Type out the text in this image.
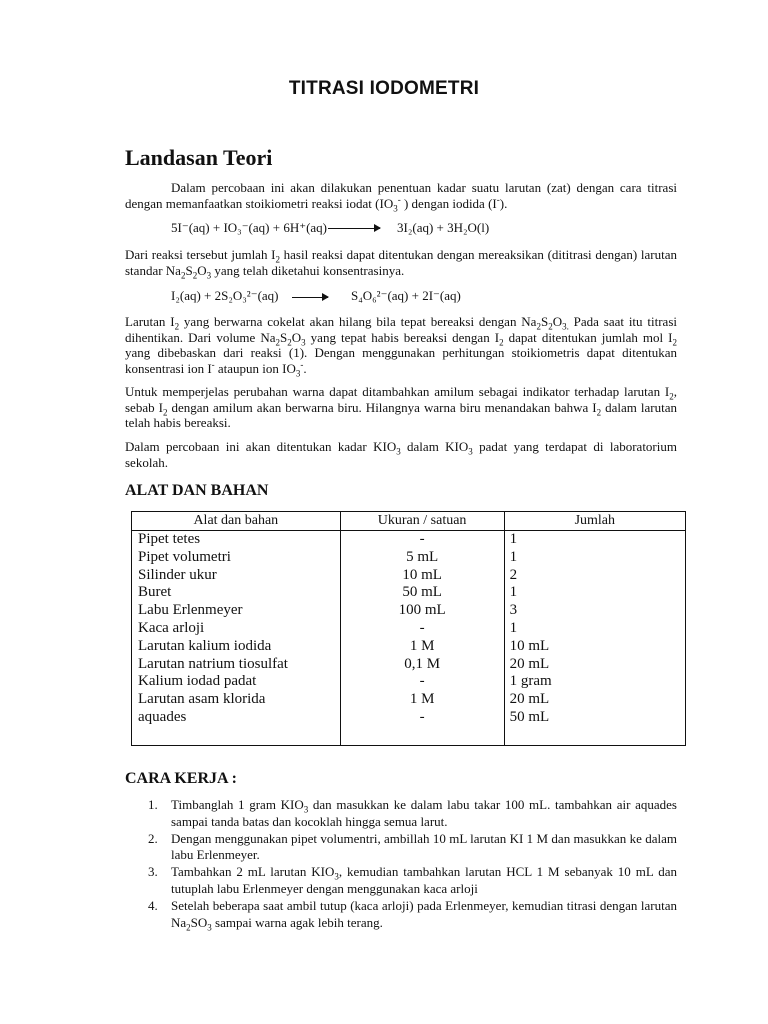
TITRASI IODOMETRI
Landasan Teori

Dalam percobaan ini akan dilakukan penentuan kadar suatu larutan (zat) dengan cara titrasi dengan memanfaatkan stoikiometri reaksi iodat ($IO_3^-$ ) dengan iodida (I-).

5I⁻(aq) + IO₃⁻(aq) + 6H⁺(aq)	3I₂(aq) + 3H₂O(l)

Dari reaksi tersebut jumlah $I_2$ hasil reaksi dapat ditentukan dengan mereaksikan (dititrasi dengan) larutan standar $Na_2S_2O_3$ yang telah diketahui konsentrasinya.

I₂(aq) + 2S₂O₃²⁻(aq)	S₄O₆²⁻(aq) + 2I⁻(aq)

Larutan $I_2$ yang berwarna cokelat akan hilang bila tepat bereaksi dengan $Na_2S_2O_{3.}$ Pada saat itu titrasi dihentikan. Dari volume $Na_2S_2O_3$ yang tepat habis bereaksi dengan $I_2$ dapat ditentukan jumlah mol $I_2$ yang dibebaskan dari reaksi (1). Dengan menggunakan perhitungan stoikiometris dapat ditentukan konsentrasi ion I- ataupun ion $IO_3^-$.

Untuk memperjelas perubahan warna dapat ditambahkan amilum sebagai indikator terhadap larutan $I_2$, sebab $I_2$ dengan amilum akan berwarna biru. Hilangnya warna biru menandakan bahwa $I_2$ dalam larutan telah habis bereaksi.

Dalam percobaan ini akan ditentukan kadar $KIO_3$ dalam $KIO_3$ padat yang terdapat di laboratorium sekolah.

ALAT DAN BAHAN
Alat dan bahan	Ukuran / satuan	Jumlah
Pipet tetes	-	1
Pipet volumetri	5 mL	1
Silinder ukur	10 mL	2
Buret	50 mL	1
Labu Erlenmeyer	100 mL	3
Kaca arloji	-	1
Larutan kalium iodida	1 M	10 mL
Larutan natrium tiosulfat	0,1 M	20 mL
Kalium iodad padat	-	1 gram
Larutan asam klorida	1 M	20 mL
aquades	-	50 mL

CARA KERJA :
1. Timbanglah 1 gram $KIO_3$ dan masukkan ke dalam labu takar 100 mL. tambahkan air aquades sampai tanda batas dan kocoklah hingga semua larut.
2. Dengan menggunakan pipet volumentri, ambillah 10 mL larutan KI 1 M dan masukkan ke dalam labu Erlenmeyer.
3. Tambahkan 2 mL larutan $KIO_3$, kemudian tambahkan larutan HCL 1 M sebanyak 10 mL dan tutuplah labu Erlenmeyer dengan menggunakan kaca arloji
4. Setelah beberapa saat ambil tutup (kaca arloji) pada Erlenmeyer, kemudian titrasi dengan larutan $Na_2SO_3$ sampai warna agak lebih terang.
